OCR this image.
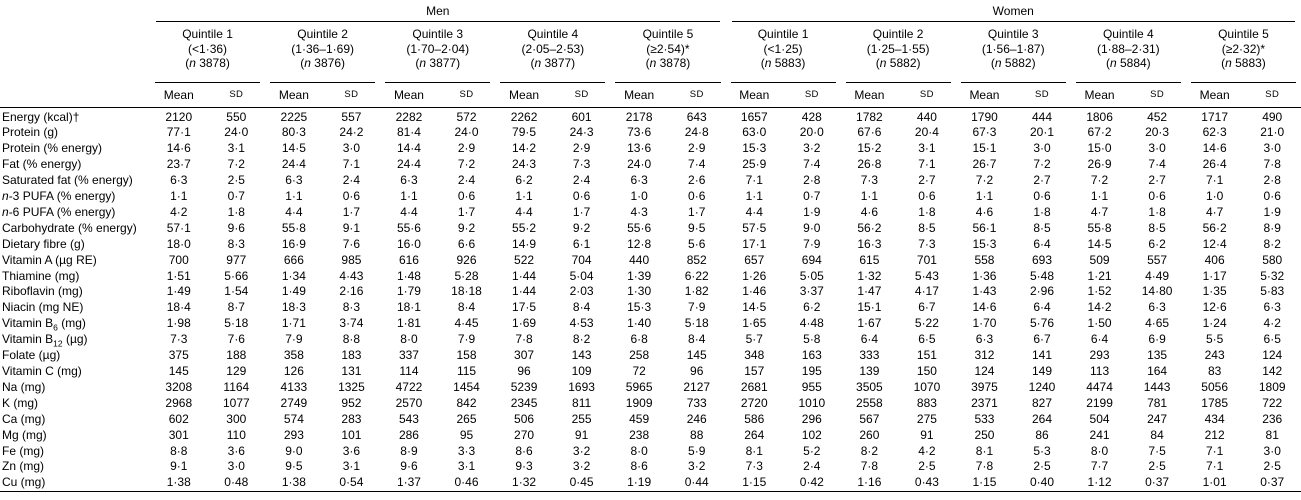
	Men										Women									

Quintile 1
(<1·36)
(n 3878)

Quintile 2
(1·36–1·69)
(n 3876)

Quintile 3
(1·70–2·04)
(n 3877)

Quintile 4
(2·05–2·53)
(n 3877)

Quintile 5
(≥2·54)*
(n 3878)

Quintile 1
(<1·25)
(n 5883)

Quintile 2
(1·25–1·55)
(n 5882)

Quintile 3
(1·56–1·87)
(n 5882)

Quintile 4
(1·88–2·31)
(n 5884)

Quintile 5
(≥2·32)*
(n 5883)

	Mean	SD	Mean	SD	Mean	SD	Mean	SD	Mean	SD	Mean	SD	Mean	SD	Mean	SD	Mean	SD	Mean	SD
Energy (kcal)†	2120	550	2225	557	2282	572	2262	601	2178	643	1657	428	1782	440	1790	444	1806	452	1717	490
Protein (g)	77·1	24·0	80·3	24·2	81·4	24·0	79·5	24·3	73·6	24·8	63·0	20·0	67·6	20·4	67·3	20·1	67·2	20·3	62·3	21·0
Protein (% energy)	14·6	3·1	14·5	3·0	14·4	2·9	14·2	2·9	13·6	2·9	15·3	3·2	15·2	3·1	15·1	3·0	15·0	3·0	14·6	3·0
Fat (% energy)	23·7	7·2	24·4	7·1	24·4	7·2	24·3	7·3	24·0	7·4	25·9	7·4	26·8	7·1	26·7	7·2	26·9	7·4	26·4	7·8
Saturated fat (% energy)	6·3	2·5	6·3	2·4	6·3	2·4	6·2	2·4	6·3	2·6	7·1	2·8	7·3	2·7	7·2	2·7	7·2	2·7	7·1	2·8
n-3 PUFA (% energy)	1·1	0·7	1·1	0·6	1·1	0·6	1·1	0·6	1·0	0·6	1·1	0·7	1·1	0·6	1·1	0·6	1·1	0·6	1·0	0·6
n-6 PUFA (% energy)	4·2	1·8	4·4	1·7	4·4	1·7	4·4	1·7	4·3	1·7	4·4	1·9	4·6	1·8	4·6	1·8	4·7	1·8	4·7	1·9
Carbohydrate (% energy)	57·1	9·6	55·8	9·1	55·6	9·2	55·2	9·2	55·6	9·5	57·5	9·0	56·2	8·5	56·1	8·5	55·8	8·5	56·2	8·9
Dietary fibre (g)	18·0	8·3	16·9	7·6	16·0	6·6	14·9	6·1	12·8	5·6	17·1	7·9	16·3	7·3	15·3	6·4	14·5	6·2	12·4	8·2
Vitamin A (µg RE)	700	977	666	985	616	926	522	704	440	852	657	694	615	701	558	693	509	557	406	580
Thiamine (mg)	1·51	5·66	1·34	4·43	1·48	5·28	1·44	5·04	1·39	6·22	1·26	5·05	1·32	5·43	1·36	5·48	1·21	4·49	1·17	5·32
Riboflavin (mg)	1·49	1·54	1·49	2·16	1·79	18·18	1·44	2·03	1·30	1·82	1·46	3·37	1·47	4·17	1·43	2·96	1·52	14·80	1·35	5·83
Niacin (mg NE)	18·4	8·7	18·3	8·3	18·1	8·4	17·5	8·4	15·3	7·9	14·5	6·2	15·1	6·7	14·6	6·4	14·2	6·3	12·6	6·3
Vitamin $B_6$ (mg)	1·98	5·18	1·71	3·74	1·81	4·45	1·69	4·53	1·40	5·18	1·65	4·48	1·67	5·22	1·70	5·76	1·50	4·65	1·24	4·2
Vitamin $B_{12}$ (µg)	7·3	7·6	7·9	8·8	8·0	7·9	7·8	8·2	6·8	8·4	5·7	5·8	6·4	6·5	6·3	6·7	6·4	6·9	5·5	6·5
Folate (µg)	375	188	358	183	337	158	307	143	258	145	348	163	333	151	312	141	293	135	243	124
Vitamin C (mg)	145	129	126	131	114	115	96	109	72	96	157	195	139	150	124	149	113	164	83	142
Na (mg)	3208	1164	4133	1325	4722	1454	5239	1693	5965	2127	2681	955	3505	1070	3975	1240	4474	1443	5056	1809
K (mg)	2968	1077	2749	952	2570	842	2345	811	1909	733	2720	1010	2558	883	2371	827	2199	781	1785	722
Ca (mg)	602	300	574	283	543	265	506	255	459	246	586	296	567	275	533	264	504	247	434	236
Mg (mg)	301	110	293	101	286	95	270	91	238	88	264	102	260	91	250	86	241	84	212	81
Fe (mg)	8·8	3·6	9·0	3·6	8·9	3·3	8·6	3·2	8·0	5·9	8·1	5·2	8·2	4·2	8·1	5·3	8·0	7·5	7·1	3·0
Zn (mg)	9·1	3·0	9·5	3·1	9·6	3·1	9·3	3·2	8·6	3·2	7·3	2·4	7·8	2·5	7·8	2·5	7·7	2·5	7·1	2·5
Cu (mg)	1·38	0·48	1·38	0·54	1·37	0·46	1·32	0·45	1·19	0·44	1·15	0·42	1·16	0·43	1·15	0·40	1·12	0·37	1·01	0·37
